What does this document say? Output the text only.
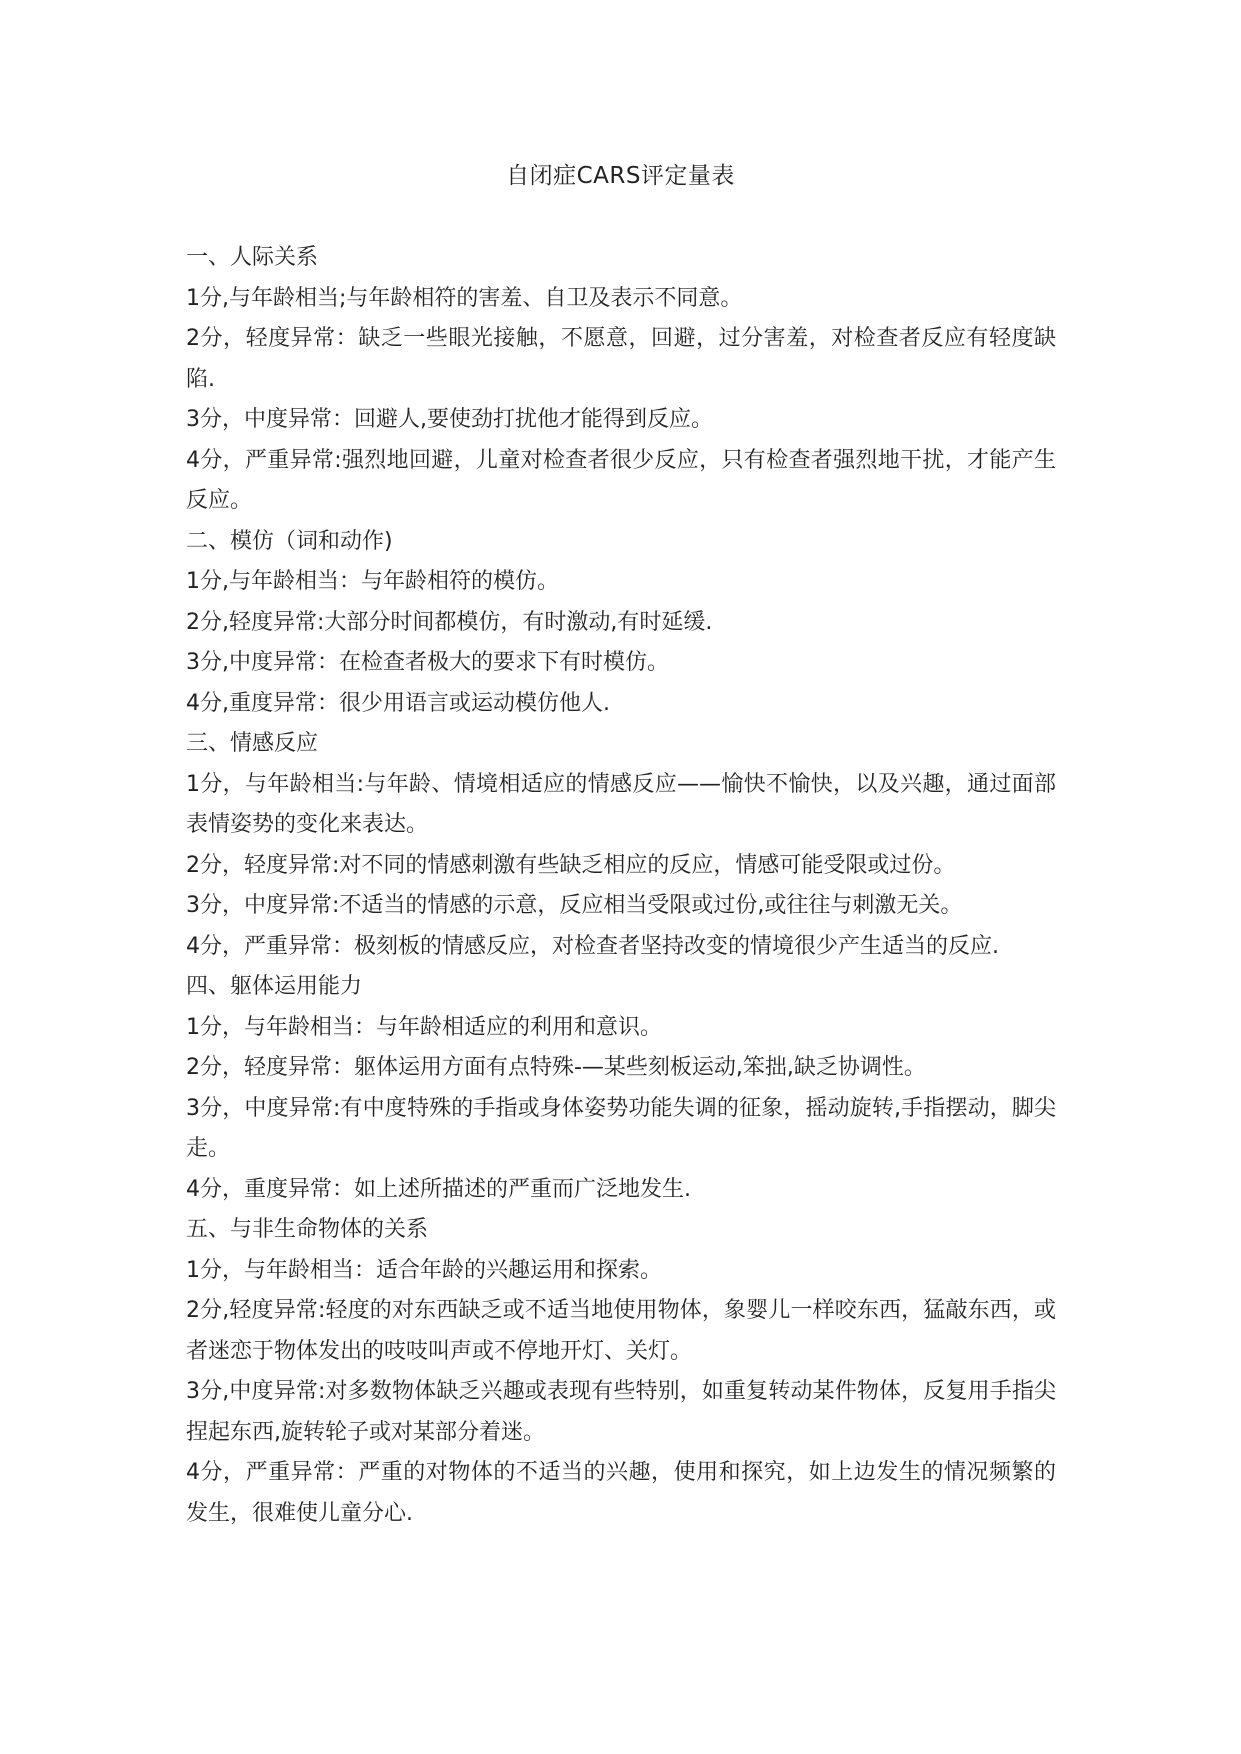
自闭症CARS评定量表

一、人际关系

1分,与年龄相当;与年龄相符的害羞、自卫及表示不同意。

2分，轻度异常：缺乏一些眼光接触，不愿意，回避，过分害羞，对检查者反应有轻度缺陷.

3分，中度异常：回避人,要使劲打扰他才能得到反应。

4分，严重异常:强烈地回避，儿童对检查者很少反应，只有检查者强烈地干扰，才能产生反应。

二、模仿（词和动作)

1分,与年龄相当：与年龄相符的模仿。

2分,轻度异常:大部分时间都模仿，有时激动,有时延缓.

3分,中度异常：在检查者极大的要求下有时模仿。

4分,重度异常：很少用语言或运动模仿他人.

三、情感反应

1分，与年龄相当:与年龄、情境相适应的情感反应——愉快不愉快，以及兴趣，通过面部表情姿势的变化来表达。

2分，轻度异常:对不同的情感刺激有些缺乏相应的反应，情感可能受限或过份。

3分，中度异常:不适当的情感的示意，反应相当受限或过份,或往往与刺激无关。

4分，严重异常：极刻板的情感反应，对检查者坚持改变的情境很少产生适当的反应.

四、躯体运用能力

1分，与年龄相当：与年龄相适应的利用和意识。

2分，轻度异常：躯体运用方面有点特殊-—某些刻板运动,笨拙,缺乏协调性。

3分，中度异常:有中度特殊的手指或身体姿势功能失调的征象，摇动旋转,手指摆动，脚尖走。

4分，重度异常：如上述所描述的严重而广泛地发生.

五、与非生命物体的关系

1分，与年龄相当：适合年龄的兴趣运用和探索。

2分,轻度异常:轻度的对东西缺乏或不适当地使用物体，象婴儿一样咬东西，猛敲东西，或者迷恋于物体发出的吱吱叫声或不停地开灯、关灯。

3分,中度异常:对多数物体缺乏兴趣或表现有些特别，如重复转动某件物体，反复用手指尖捏起东西,旋转轮子或对某部分着迷。

4分，严重异常：严重的对物体的不适当的兴趣，使用和探究，如上边发生的情况频繁的发生，很难使儿童分心.
